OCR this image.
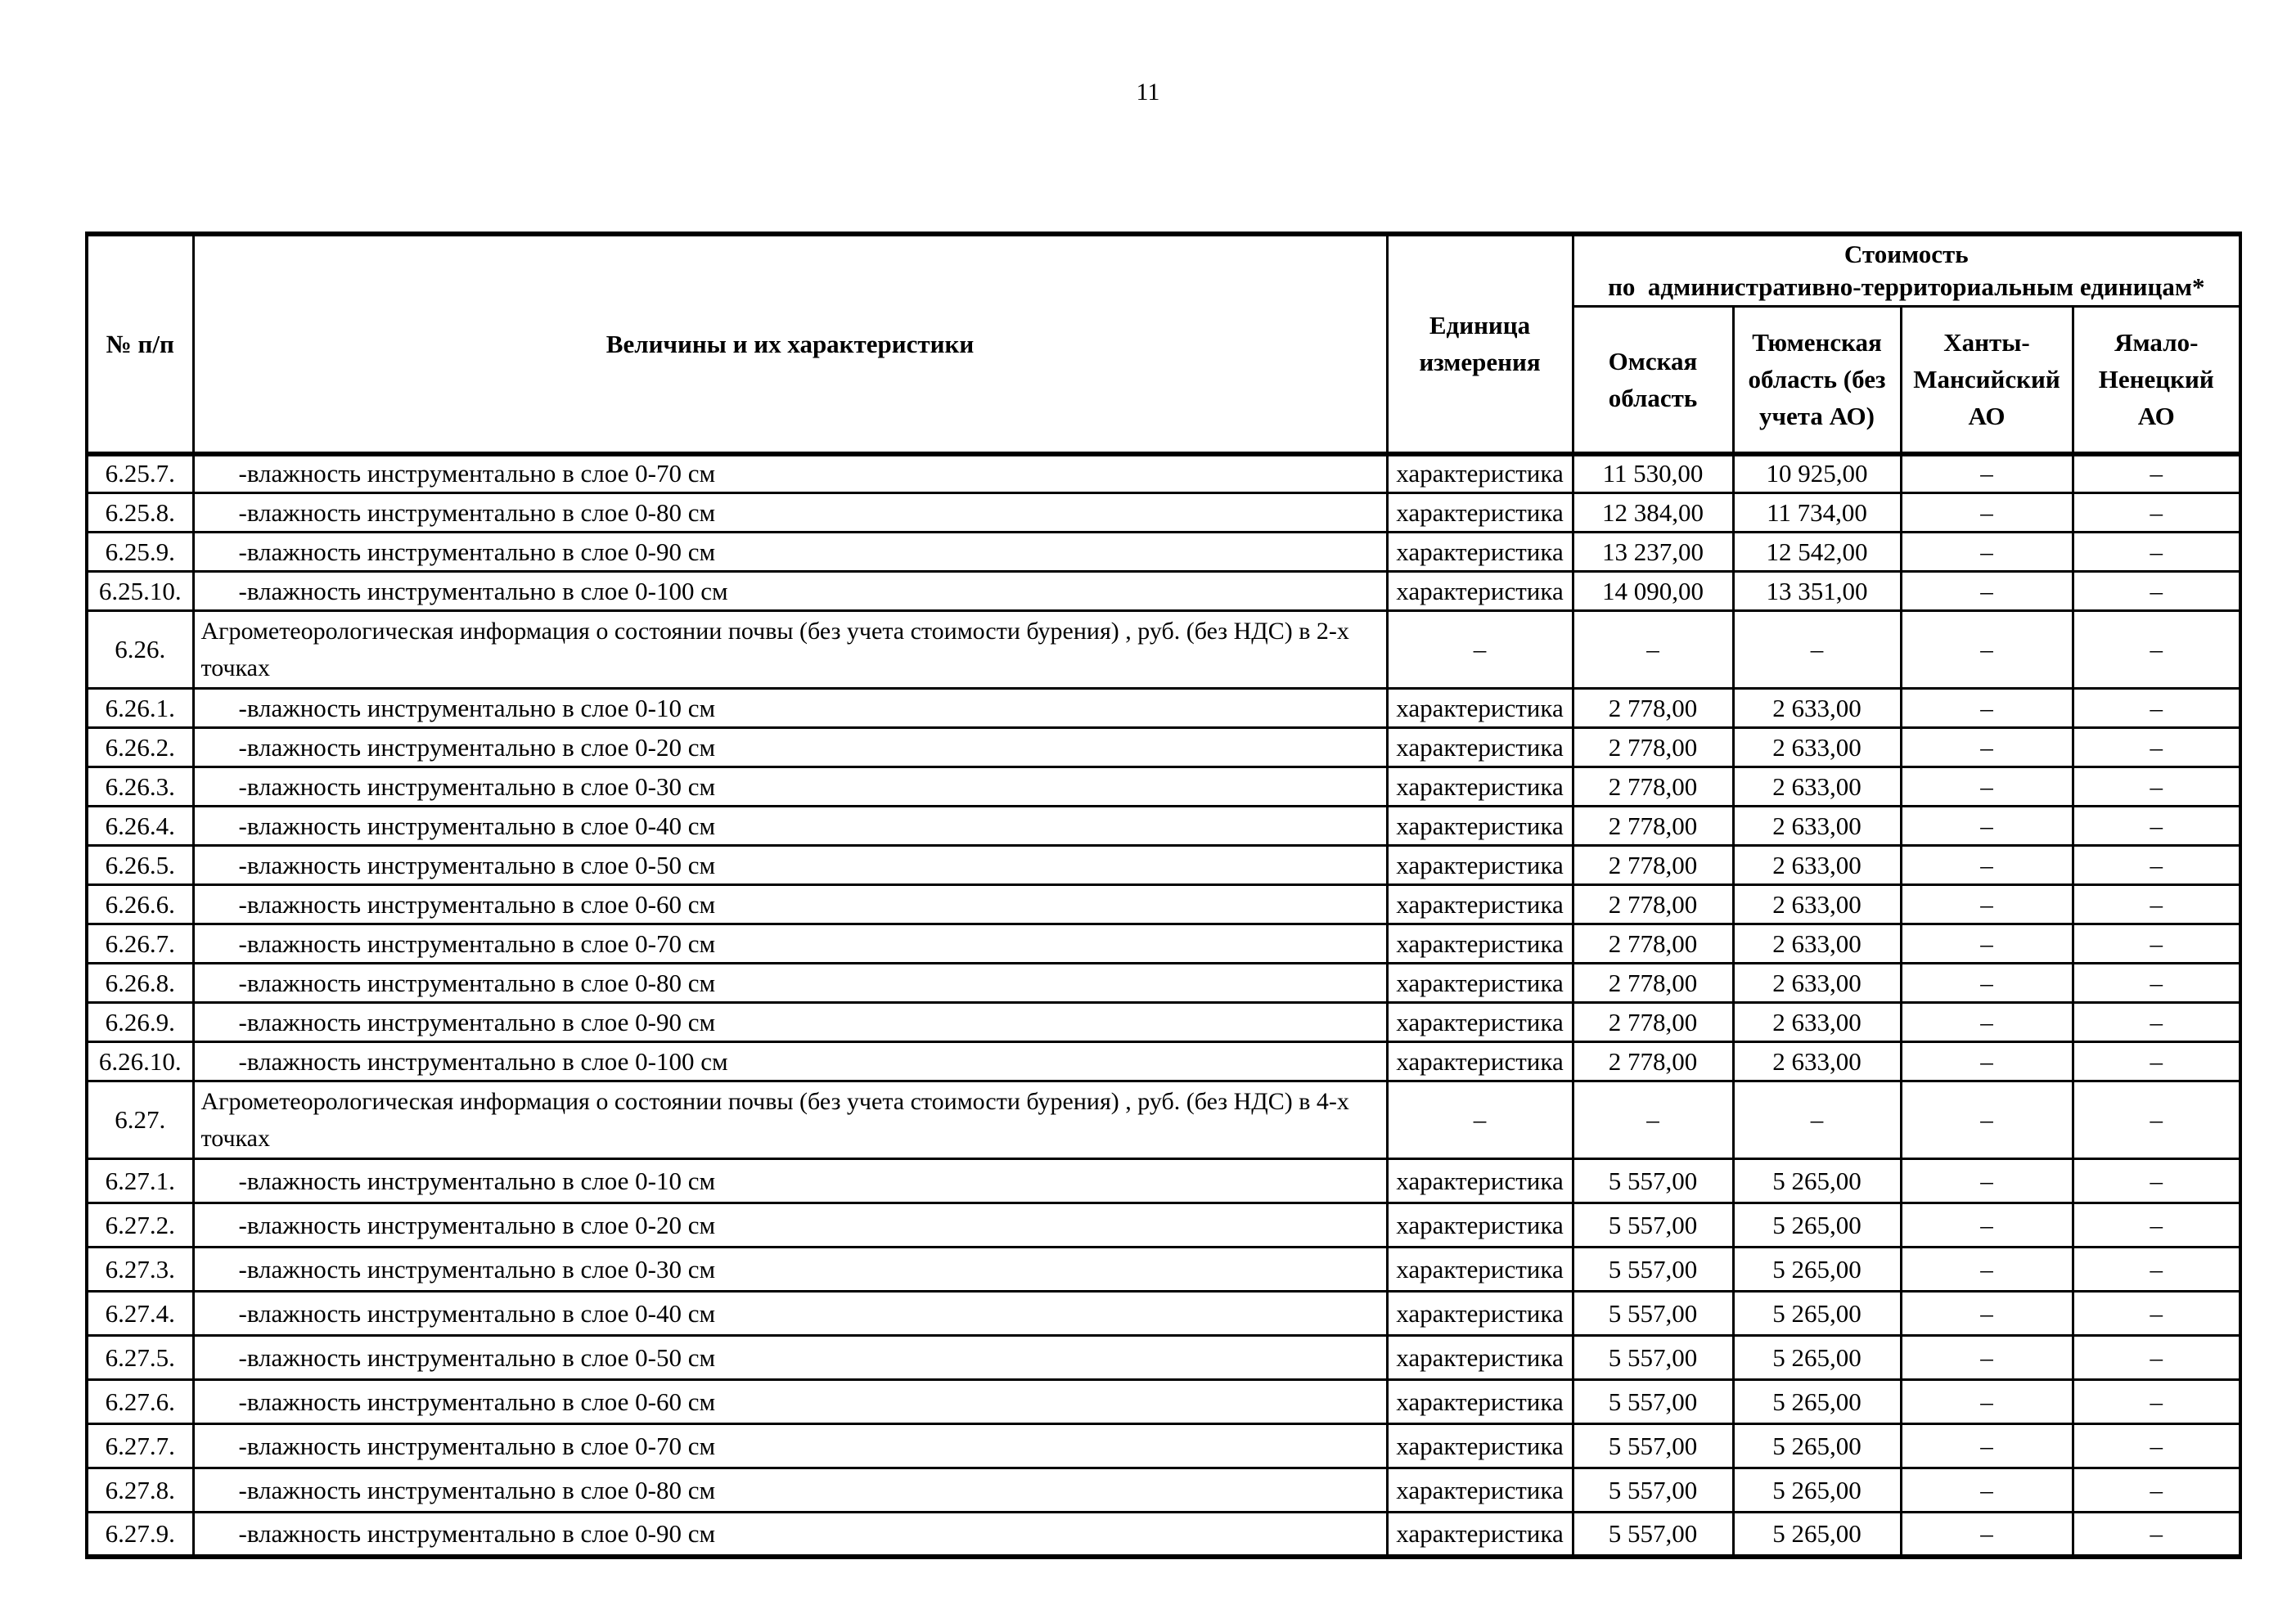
11
№ п/п	Величины и их характеристики	Единица измерения	Стоимость
по  административно-территориальным единицам*			
			Омская область	Тюменская область (без учета АО)	Ханты-Мансийский АО	Ямало-Ненецкий АО
6.25.7.	-влажность инструментально в слое 0-70 см	характеристика	11 530,00	10 925,00	–	–
6.25.8.	-влажность инструментально в слое 0-80 см	характеристика	12 384,00	11 734,00	–	–
6.25.9.	-влажность инструментально в слое 0-90 см	характеристика	13 237,00	12 542,00	–	–
6.25.10.	-влажность инструментально в слое 0-100 см	характеристика	14 090,00	13 351,00	–	–
6.26.	Агрометеорологическая информация о состоянии почвы (без учета стоимости бурения) , руб. (без НДС) в 2-х точках	–	–	–	–	–
6.26.1.	-влажность инструментально в слое 0-10 см	характеристика	2 778,00	2 633,00	–	–
6.26.2.	-влажность инструментально в слое 0-20 см	характеристика	2 778,00	2 633,00	–	–
6.26.3.	-влажность инструментально в слое 0-30 см	характеристика	2 778,00	2 633,00	–	–
6.26.4.	-влажность инструментально в слое 0-40 см	характеристика	2 778,00	2 633,00	–	–
6.26.5.	-влажность инструментально в слое 0-50 см	характеристика	2 778,00	2 633,00	–	–
6.26.6.	-влажность инструментально в слое 0-60 см	характеристика	2 778,00	2 633,00	–	–
6.26.7.	-влажность инструментально в слое 0-70 см	характеристика	2 778,00	2 633,00	–	–
6.26.8.	-влажность инструментально в слое 0-80 см	характеристика	2 778,00	2 633,00	–	–
6.26.9.	-влажность инструментально в слое 0-90 см	характеристика	2 778,00	2 633,00	–	–
6.26.10.	-влажность инструментально в слое 0-100 см	характеристика	2 778,00	2 633,00	–	–
6.27.	Агрометеорологическая информация о состоянии почвы (без учета стоимости бурения) , руб. (без НДС) в 4-х точках	–	–	–	–	–
6.27.1.	-влажность инструментально в слое 0-10 см	характеристика	5 557,00	5 265,00	–	–
6.27.2.	-влажность инструментально в слое 0-20 см	характеристика	5 557,00	5 265,00	–	–
6.27.3.	-влажность инструментально в слое 0-30 см	характеристика	5 557,00	5 265,00	–	–
6.27.4.	-влажность инструментально в слое 0-40 см	характеристика	5 557,00	5 265,00	–	–
6.27.5.	-влажность инструментально в слое 0-50 см	характеристика	5 557,00	5 265,00	–	–
6.27.6.	-влажность инструментально в слое 0-60 см	характеристика	5 557,00	5 265,00	–	–
6.27.7.	-влажность инструментально в слое 0-70 см	характеристика	5 557,00	5 265,00	–	–
6.27.8.	-влажность инструментально в слое 0-80 см	характеристика	5 557,00	5 265,00	–	–
6.27.9.	-влажность инструментально в слое 0-90 см	характеристика	5 557,00	5 265,00	–	–
